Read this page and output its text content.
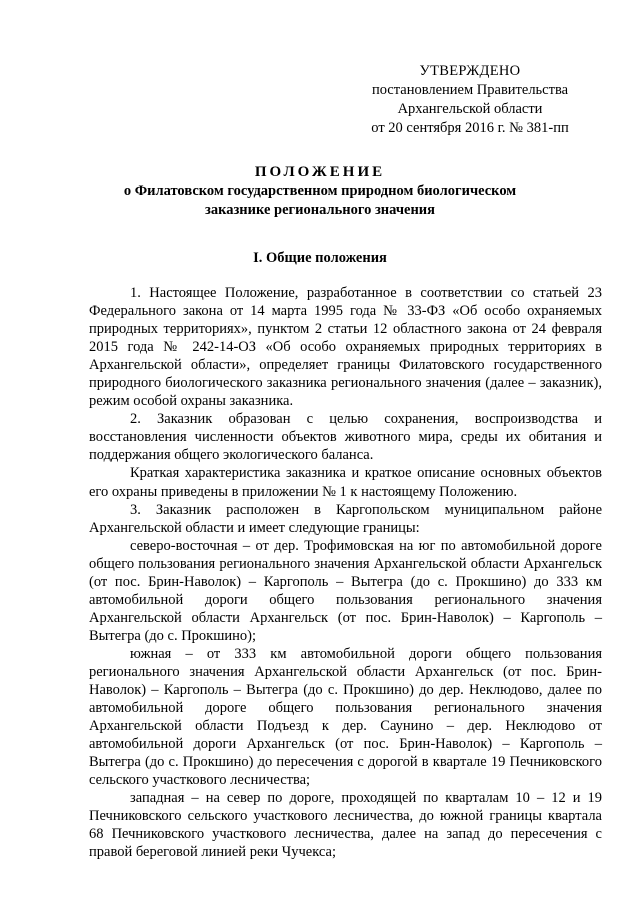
УТВЕРЖДЕНО
постановлением Правительства
Архангельской области
от 20 сентября 2016 г. № 381-пп
ПОЛОЖЕНИЕ
о Филатовском государственном природном биологическом
заказнике регионального значения
I. Общие положения

1. Настоящее Положение, разработанное в соответствии со статьей 23 Федерального закона от 14 марта 1995 года № 33-ФЗ «Об особо охраняемых природных территориях», пунктом 2 статьи 12 областного закона от 24 февраля 2015 года № 242-14-ОЗ «Об особо охраняемых природных территориях в Архангельской области», определяет границы Филатовского государственного природного биологического заказника регионального значения (далее – заказник), режим особой охраны заказника.

2. Заказник образован с целью сохранения, воспроизводства и восстановления численности объектов животного мира, среды их обитания и поддержания общего экологического баланса.

Краткая характеристика заказника и краткое описание основных объектов его охраны приведены в приложении № 1 к настоящему Положению.

3. Заказник расположен в Каргопольском муниципальном районе Архангельской области и имеет следующие границы:

северо-восточная – от дер. Трофимовская на юг по автомобильной дороге общего пользования регионального значения Архангельской области Архангельск (от пос. Брин-Наволок) – Каргополь – Вытегра (до с. Прокшино) до 333 км автомобильной дороги общего пользования регионального значения Архангельской области Архангельск (от пос. Брин-Наволок) – Каргополь – Вытегра (до с. Прокшино);

южная – от 333 км автомобильной дороги общего пользования регионального значения Архангельской области Архангельск (от пос. Брин-Наволок) – Каргополь – Вытегра (до с. Прокшино) до дер. Неклюдово, далее по автомобильной дороге общего пользования регионального значения Архангельской области Подъезд к дер. Саунино – дер. Неклюдово от автомобильной дороги Архангельск (от пос. Брин-Наволок) – Каргополь – Вытегра (до с. Прокшино) до пересечения с дорогой в квартале 19 Печниковского сельского участкового лесничества;

западная – на север по дороге, проходящей по кварталам 10 – 12 и 19 Печниковского сельского участкового лесничества, до южной границы квартала 68 Печниковского участкового лесничества, далее на запад до пересечения с правой береговой линией реки Чучекса;
